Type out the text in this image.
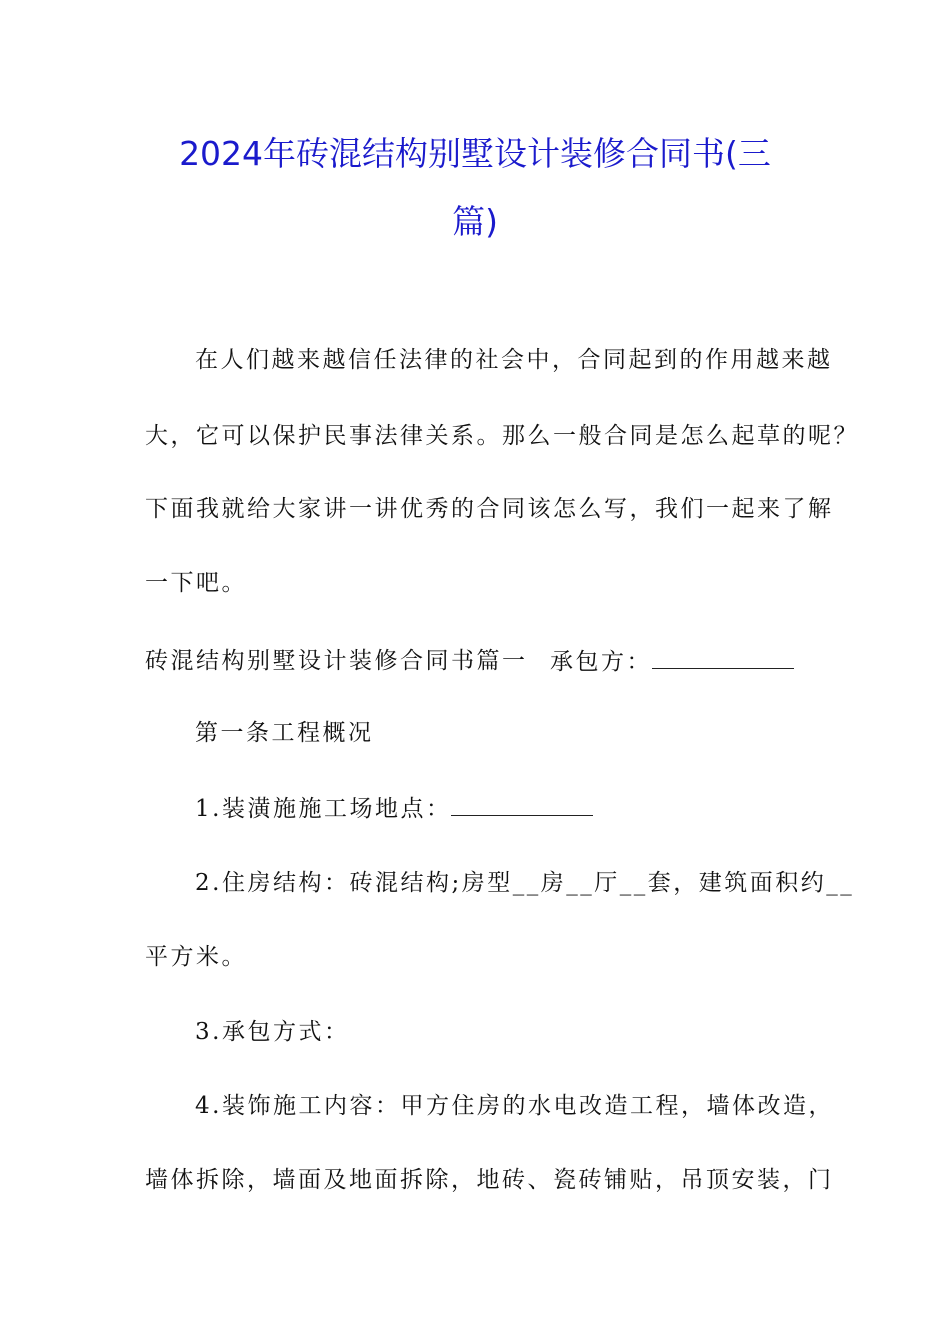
2024年砖混结构别墅设计装修合同书(三
篇)
在人们越来越信任法律的社会中，合同起到的作用越来越
大，它可以保护民事法律关系。那么一般合同是怎么起草的呢？
下面我就给大家讲一讲优秀的合同该怎么写，我们一起来了解
一下吧。
砖混结构别墅设计装修合同书篇一 承包方：
第一条工程概况
1.装潢施施工场地点：
2.住房结构：砖混结构;房型__房__厅__套，建筑面积约__
平方米。
3.承包方式：
4.装饰施工内容：甲方住房的水电改造工程，墙体改造，
墙体拆除，墙面及地面拆除，地砖、瓷砖铺贴，吊顶安装，门
